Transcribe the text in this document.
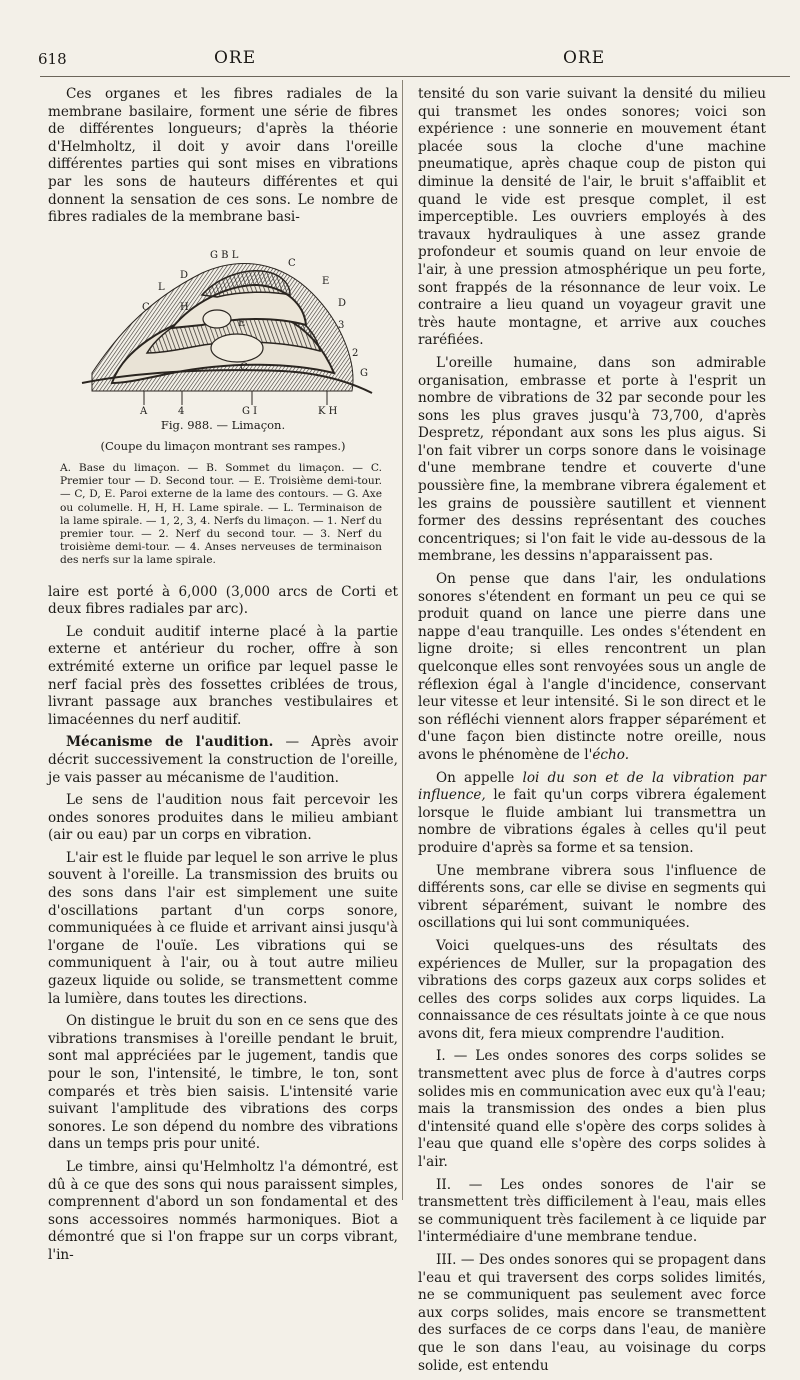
618	ORE	ORE

Ces organes et les fibres radiales de la membrane basilaire, forment une série de fibres de différentes longueurs; d'après la théorie d'Helmholtz, il doit y avoir dans l'oreille différentes parties qui sont mises en vibrations par les sons de hauteurs différentes et qui donnent la sensation de ces sons. Le nombre de fibres radiales de la membrane basi-

G B L
C
D
E
L
C	H	D
E	3
2
G
C
A	4	G I	K H
Fig. 988. — Limaçon.
(Coupe du limaçon montrant ses rampes.)
A. Base du limaçon. — B. Sommet du limaçon. — C. Premier tour — D. Second tour. — E. Troisième demi-tour. — C, D, E. Paroi externe de la lame des contours. — G. Axe ou columelle. H, H, H. Lame spirale. — L. Terminaison de la lame spirale. — 1, 2, 3, 4. Nerfs du limaçon. — 1. Nerf du premier tour. — 2. Nerf du second tour. — 3. Nerf du troisième demi-tour. — 4. Anses nerveuses de terminaison des nerfs sur la lame spirale.

laire est porté à 6,000 (3,000 arcs de Corti et deux fibres radiales par arc).

Le conduit auditif interne placé à la partie externe et antérieur du rocher, offre à son extrémité externe un orifice par lequel passe le nerf facial près des fossettes criblées de trous, livrant passage aux branches vestibulaires et limacéennes du nerf auditif.

Mécanisme de l'audition. — Après avoir décrit successivement la construction de l'oreille, je vais passer au mécanisme de l'audition.

Le sens de l'audition nous fait percevoir les ondes sonores produites dans le milieu ambiant (air ou eau) par un corps en vibration.

L'air est le fluide par lequel le son arrive le plus souvent à l'oreille. La transmission des bruits ou des sons dans l'air est simplement une suite d'oscillations partant d'un corps sonore, communiquées à ce fluide et arrivant ainsi jusqu'à l'organe de l'ouïe. Les vibrations qui se communiquent à l'air, ou à tout autre milieu gazeux liquide ou solide, se transmettent comme la lumière, dans toutes les directions.

On distingue le bruit du son en ce sens que des vibrations transmises à l'oreille pendant le bruit, sont mal appréciées par le jugement, tandis que pour le son, l'intensité, le timbre, le ton, sont comparés et très bien saisis. L'intensité varie suivant l'amplitude des vibrations des corps sonores. Le son dépend du nombre des vibrations dans un temps pris pour unité.

Le timbre, ainsi qu'Helmholtz l'a démontré, est dû à ce que des sons qui nous paraissent simples, comprennent d'abord un son fondamental et des sons accessoires nommés harmoniques. Biot a démontré que si l'on frappe sur un corps vibrant, l'in-

tensité du son varie suivant la densité du milieu qui transmet les ondes sonores; voici son expérience : une sonnerie en mouvement étant placée sous la cloche d'une machine pneumatique, après chaque coup de piston qui diminue la densité de l'air, le bruit s'affaiblit et quand le vide est presque complet, il est imperceptible. Les ouvriers employés à des travaux hydrauliques à une assez grande profondeur et soumis quand on leur envoie de l'air, à une pression atmosphérique un peu forte, sont frappés de la résonnance de leur voix. Le contraire a lieu quand un voyageur gravit une très haute montagne, et arrive aux couches raréfiées.

L'oreille humaine, dans son admirable organisation, embrasse et porte à l'esprit un nombre de vibrations de 32 par seconde pour les sons les plus graves jusqu'à 73,700, d'après Despretz, répondant aux sons les plus aigus. Si l'on fait vibrer un corps sonore dans le voisinage d'une membrane tendre et couverte d'une poussière fine, la membrane vibrera également et les grains de poussière sautillent et viennent former des dessins représentant des couches concentriques; si l'on fait le vide au-dessous de la membrane, les dessins n'apparaissent pas.

On pense que dans l'air, les ondulations sonores s'étendent en formant un peu ce qui se produit quand on lance une pierre dans une nappe d'eau tranquille. Les ondes s'étendent en ligne droite; si elles rencontrent un plan quelconque elles sont renvoyées sous un angle de réflexion égal à l'angle d'incidence, conservant leur vitesse et leur intensité. Si le son direct et le son réfléchi viennent alors frapper séparément et d'une façon bien distincte notre oreille, nous avons le phénomène de l'écho.

On appelle loi du son et de la vibration par influence, le fait qu'un corps vibrera également lorsque le fluide ambiant lui transmettra un nombre de vibrations égales à celles qu'il peut produire d'après sa forme et sa tension.

Une membrane vibrera sous l'influence de différents sons, car elle se divise en segments qui vibrent séparément, suivant le nombre des oscillations qui lui sont communiquées.

Voici quelques-uns des résultats des expériences de Muller, sur la propagation des vibrations des corps gazeux aux corps solides et celles des corps solides aux corps liquides. La connaissance de ces résultats jointe à ce que nous avons dit, fera mieux comprendre l'audition.

I. — Les ondes sonores des corps solides se transmettent avec plus de force à d'autres corps solides mis en communication avec eux qu'à l'eau; mais la transmission des ondes a bien plus d'intensité quand elle s'opère des corps solides à l'eau que quand elle s'opère des corps solides à l'air.

II. — Les ondes sonores de l'air se transmettent très difficilement à l'eau, mais elles se communiquent très facilement à ce liquide par l'intermédiaire d'une membrane tendue.

III. — Des ondes sonores qui se propagent dans l'eau et qui traversent des corps solides limités, ne se communiquent pas seulement avec force aux corps solides, mais encore se transmettent des surfaces de ce corps dans l'eau, de manière que le son dans l'eau, au voisinage du corps solide, est entendu
